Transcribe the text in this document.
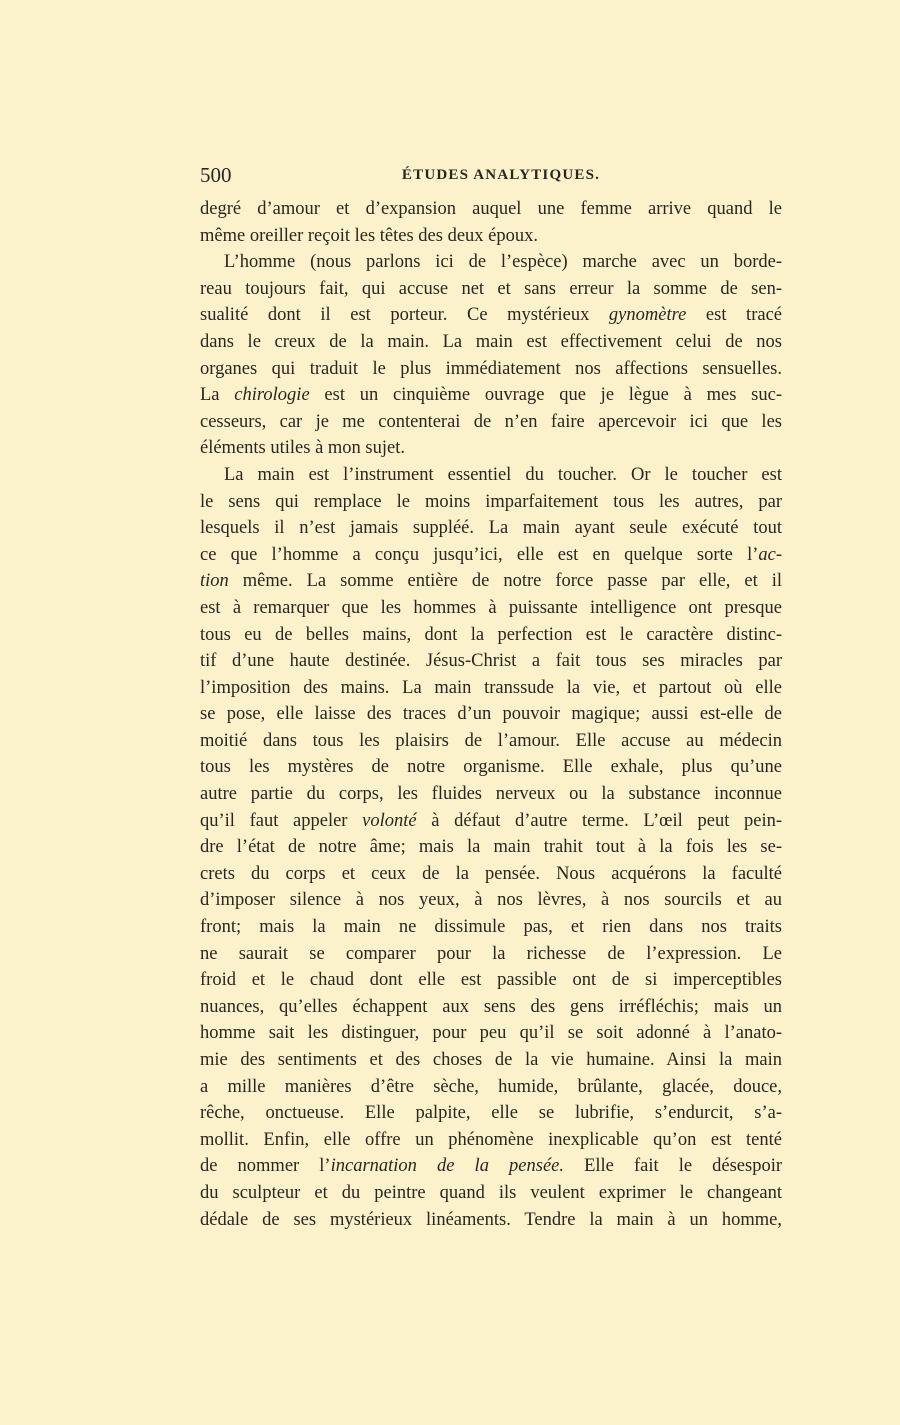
500	ÉTUDES ANALYTIQUES.
degré d’amour et d’expansion auquel une femme arrive quand le
même oreiller reçoit les têtes des deux époux.
L’homme (nous parlons ici de l’espèce) marche avec un borde-
reau toujours fait, qui accuse net et sans erreur la somme de sen-
sualité dont il est porteur. Ce mystérieux gynomètre est tracé
dans le creux de la main. La main est effectivement celui de nos
organes qui traduit le plus immédiatement nos affections sensuelles.
La chirologie est un cinquième ouvrage que je lègue à mes suc-
cesseurs, car je me contenterai de n’en faire apercevoir ici que les
éléments utiles à mon sujet.
La main est l’instrument essentiel du toucher. Or le toucher est
le sens qui remplace le moins imparfaitement tous les autres, par
lesquels il n’est jamais suppléé. La main ayant seule exécuté tout
ce que l’homme a conçu jusqu’ici, elle est en quelque sorte l’ac-
tion même. La somme entière de notre force passe par elle, et il
est à remarquer que les hommes à puissante intelligence ont presque
tous eu de belles mains, dont la perfection est le caractère distinc-
tif d’une haute destinée. Jésus-Christ a fait tous ses miracles par
l’imposition des mains. La main transsude la vie, et partout où elle
se pose, elle laisse des traces d’un pouvoir magique; aussi est-elle de
moitié dans tous les plaisirs de l’amour. Elle accuse au médecin
tous les mystères de notre organisme. Elle exhale, plus qu’une
autre partie du corps, les fluides nerveux ou la substance inconnue
qu’il faut appeler volonté à défaut d’autre terme. L’œil peut pein-
dre l’état de notre âme; mais la main trahit tout à la fois les se-
crets du corps et ceux de la pensée. Nous acquérons la faculté
d’imposer silence à nos yeux, à nos lèvres, à nos sourcils et au
front; mais la main ne dissimule pas, et rien dans nos traits
ne saurait se comparer pour la richesse de l’expression. Le
froid et le chaud dont elle est passible ont de si imperceptibles
nuances, qu’elles échappent aux sens des gens irréfléchis; mais un
homme sait les distinguer, pour peu qu’il se soit adonné à l’anato-
mie des sentiments et des choses de la vie humaine. Ainsi la main
a mille manières d’être sèche, humide, brûlante, glacée, douce,
rêche, onctueuse. Elle palpite, elle se lubrifie, s’endurcit, s’a-
mollit. Enfin, elle offre un phénomène inexplicable qu’on est tenté
de nommer l’incarnation de la pensée. Elle fait le désespoir
du sculpteur et du peintre quand ils veulent exprimer le changeant
dédale de ses mystérieux linéaments. Tendre la main à un homme,
